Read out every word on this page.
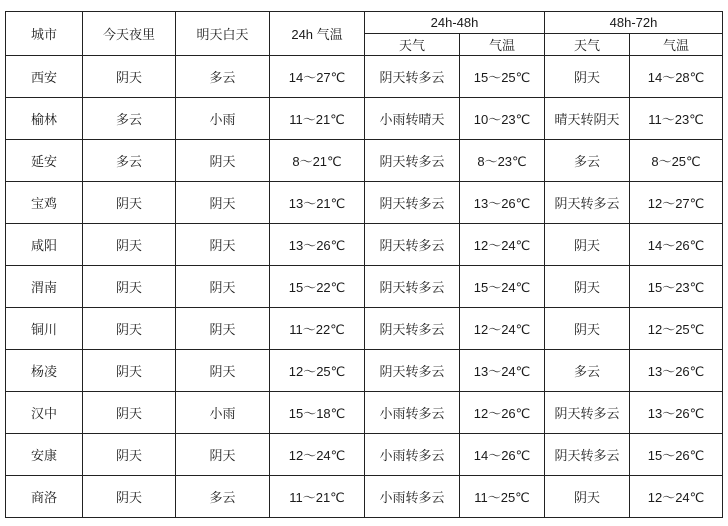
城市	今天夜里	明天白天	24h 气温	24h-48h		48h-72h	
				天气	气温	天气	气温
西安	阴天	多云	14～27℃	阴天转多云	15～25℃	阴天	14～28℃
榆林	多云	小雨	11～21℃	小雨转晴天	10～23℃	晴天转阴天	11～23℃
延安	多云	阴天	8～21℃	阴天转多云	8～23℃	多云	8～25℃
宝鸡	阴天	阴天	13～21℃	阴天转多云	13～26℃	阴天转多云	12～27℃
咸阳	阴天	阴天	13～26℃	阴天转多云	12～24℃	阴天	14～26℃
渭南	阴天	阴天	15～22℃	阴天转多云	15～24℃	阴天	15～23℃
铜川	阴天	阴天	11～22℃	阴天转多云	12～24℃	阴天	12～25℃
杨凌	阴天	阴天	12～25℃	阴天转多云	13～24℃	多云	13～26℃
汉中	阴天	小雨	15～18℃	小雨转多云	12～26℃	阴天转多云	13～26℃
安康	阴天	阴天	12～24℃	小雨转多云	14～26℃	阴天转多云	15～26℃
商洛	阴天	多云	11～21℃	小雨转多云	11～25℃	阴天	12～24℃
